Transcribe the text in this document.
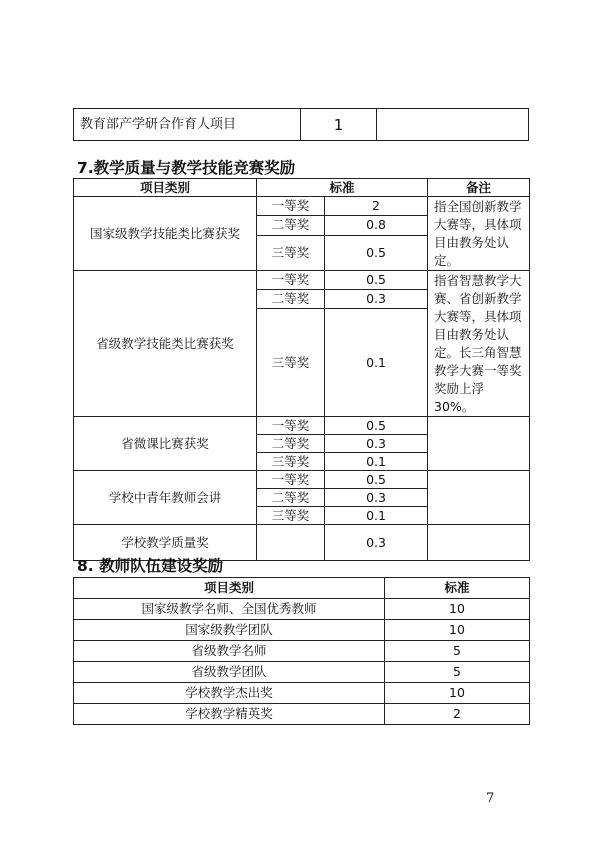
教育部产学研合作育人项目	1	
7.教学质量与教学技能竞赛奖励
项目类别	标准		备注
国家级教学技能类比赛获奖	一等奖	2	指全国创新教学大赛等，具体项目由教务处认定。
	二等奖	0.8	
	三等奖	0.5	
省级教学技能类比赛获奖	一等奖	0.5	指省智慧教学大赛、省创新教学大赛等，具体项目由教务处认定。长三角智慧教学大赛一等奖奖励上浮 30%。
	二等奖	0.3	
	三等奖	0.1	
省微课比赛获奖	一等奖	0.5	
	二等奖	0.3	
	三等奖	0.1	
学校中青年教师会讲	一等奖	0.5	
	二等奖	0.3	
	三等奖	0.1	
学校教学质量奖		0.3	
8. 教师队伍建设奖励
项目类别	标准
国家级教学名师、全国优秀教师	10
国家级教学团队	10
省级教学名师	5
省级教学团队	5
学校教学杰出奖	10
学校教学精英奖	2
7
